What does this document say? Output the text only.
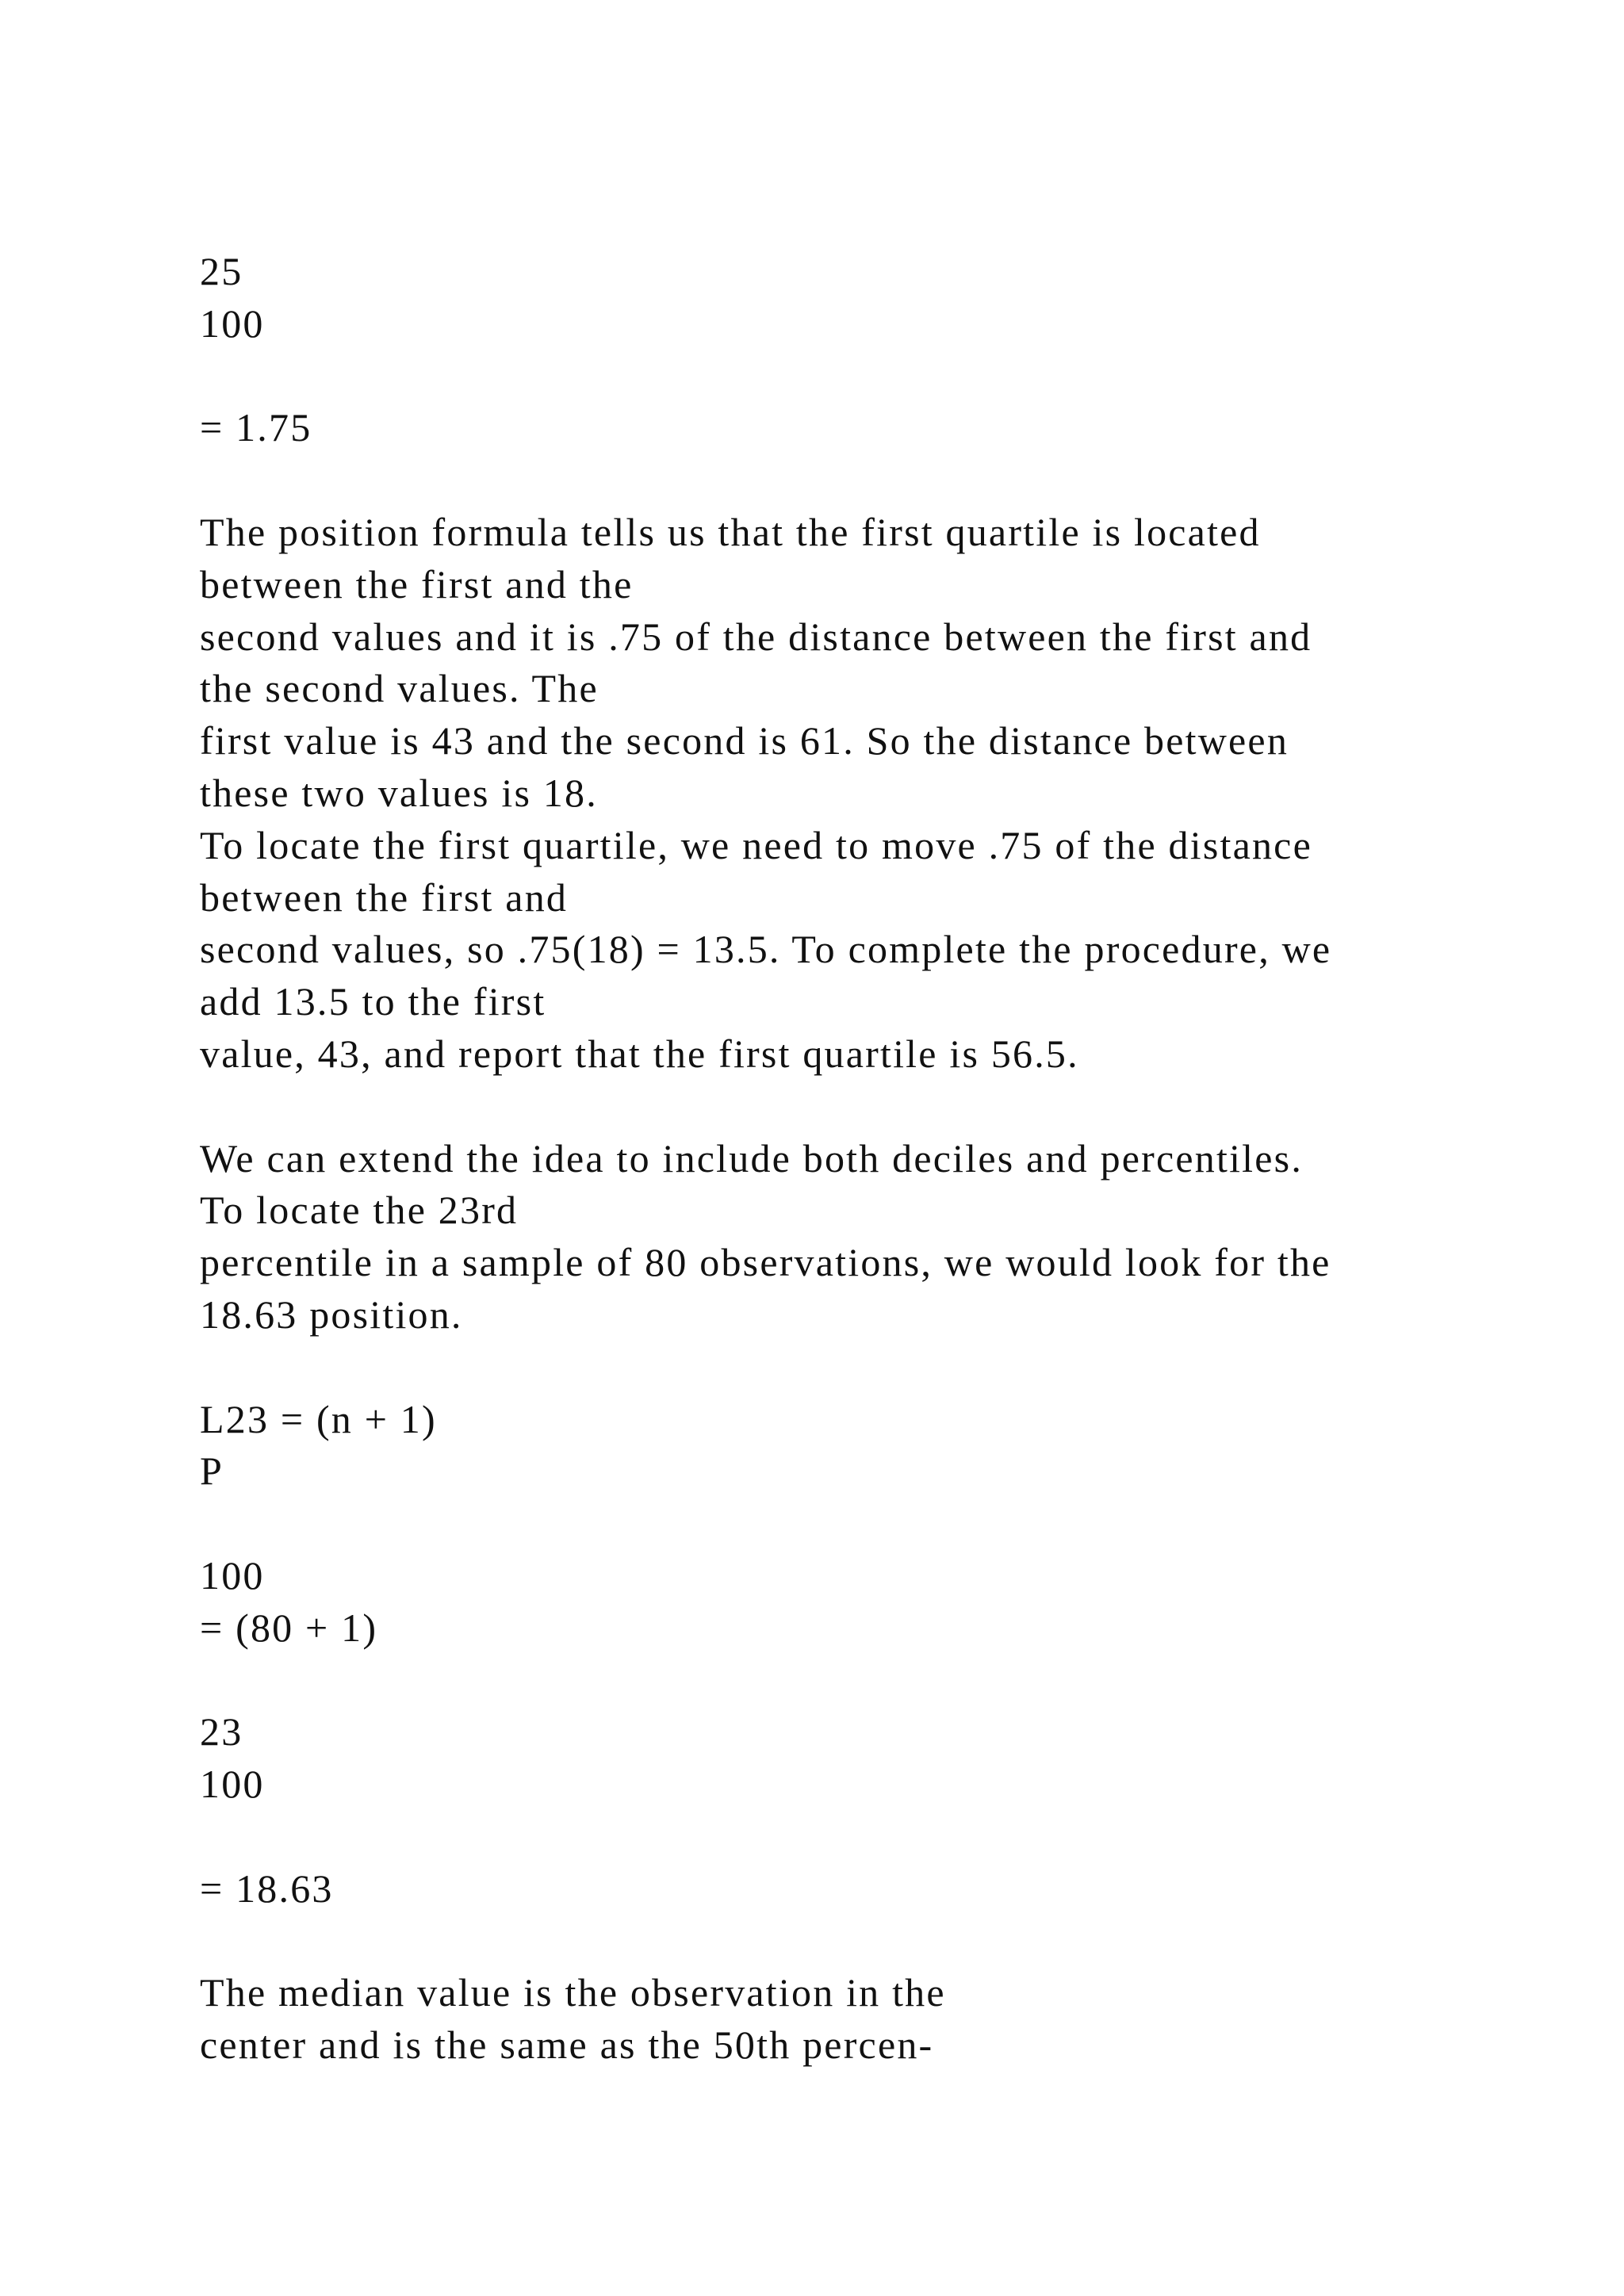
25
100
= 1.75
The position formula tells us that the first quartile is located
between the first and the
second values and it is .75 of the distance between the first and
the second values. The
first value is 43 and the second is 61. So the distance between
these two values is 18.
To locate the first quartile, we need to move .75 of the distance
between the first and
second values, so .75(18) = 13.5. To complete the procedure, we
add 13.5 to the first
value, 43, and report that the first quartile is 56.5.
We can extend the idea to include both deciles and percentiles.
To locate the 23rd
percentile in a sample of 80 observations, we would look for the
18.63 position.
L23 = (n + 1)
P
100
= (80 + 1)
23
100
= 18.63
The median value is the observation in the
center and is the same as the 50th percen-
